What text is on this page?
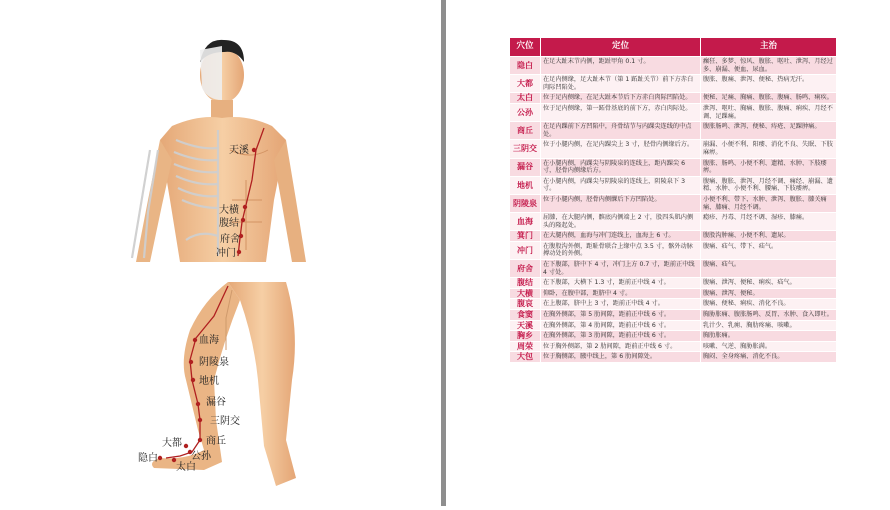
天溪
大横
腹结
府舍
冲门
血海
阴陵泉
地机
漏谷
三阴交
大都 商丘
公孙
隐白
太白
穴位	定位	主治
隐白	在足大趾末节内侧，距趾甲角 0.1 寸。	癫狂、多梦、惊风、腹胀、呕吐、泄泻、月经过多、崩漏、便血、尿血。
大都	在足内侧缘，足大趾本节（第 1 跖趾关节）前下方赤白肉际凹陷处。	腹胀、腹痛、泄泻、便秘、热病无汗。
太白	位于足内侧缘，在足大趾本节后下方赤白肉际凹陷处。	便秘、足痛、胸痛、腹胀、腹痛、肠鸣、痢疾。
公孙	位于足内侧缘，第一跖骨基底的前下方，赤白肉际处。	泄泻、呕吐、胸痛、腹胀、腹痛、痢疾、月经不调、足踝痛。
商丘	在足内踝前下方凹陷中，舟骨结节与内踝尖连线的中点处。	腹胀肠鸣、泄泻、便秘、痔疮、足踝肿痛。
三阴交	位于小腿内侧，在足内踝尖上 3 寸，胫骨内侧缘后方。	崩漏、小便不利、阳痿、消化不良、失眠、下肢麻痹。
漏谷	在小腿内侧，内踝尖与阴陵泉的连线上，距内踝尖 6 寸，胫骨内侧缘后方。	腹胀、肠鸣、小便不利、遗精、水肿、下肢痿痹。
地机	在小腿内侧，内踝尖与阴陵泉的连线上，阴陵泉下 3 寸。	腹痛、腹胀、泄泻、月经不调、痛经、崩漏、遗精、水肿、小便不利、腰痛、下肢痿痹。
阴陵泉	位于小腿内侧，胫骨内侧髁后下方凹陷处。	小便不利、带下、水肿、泄泻、腹胀、膝关痛痛、膝痛、月经不调。
血海	屈膝，在大腿内侧，髌底内侧端上 2 寸，股四头肌内侧头的隆起处。	瘾疹、丹毒、月经不调、湿疹、膝痛。
箕门	在大腿内侧，血海与冲门连线上，血海上 6 寸。	腹股沟肿痛、小便不利、遗尿。
冲门	在腹股沟外侧，距耻骨联合上缘中点 3.5 寸，髂外动脉搏动处的外侧。	腹痛、疝气、带下、疝气。
府舍	在下腹部，脐中下 4 寸，冲门上方 0.7 寸，距前正中线 4 寸处。	腹痛、疝气。
腹结	在下腹部，大横下 1.3 寸，距前正中线 4 寸。	腹痛、泄泻、便秘、痢疾、疝气。
大横	仰卧，在腹中部，距脐中 4 寸。	腹痛、泄泻、便秘。
腹哀	在上腹部，脐中上 3 寸，距前正中线 4 寸。	腹痛、便秘、痢疾、消化不良。
食窦	在胸外侧部，第 5 肋间隙，距前正中线 6 寸。	胸胁胀痛、腹胀肠鸣、反胃、水肿、食入即吐。
天溪	在胸外侧部，第 4 肋间隙，距前正中线 6 寸。	乳汁少、乳痈、胸肋疼痛、咳嗽。
胸乡	在胸外侧部，第 3 肋间隙，距前正中线 6 寸。	胸肋胀痛。
周荣	位于胸外侧部，第 2 肋间隙，距前正中线 6 寸。	咳嗽、气逆、胸胁胀满。
大包	位于胸侧部，腋中线上，第 6 肋间隙处。	胸闷、全身疼痛、消化不良。
